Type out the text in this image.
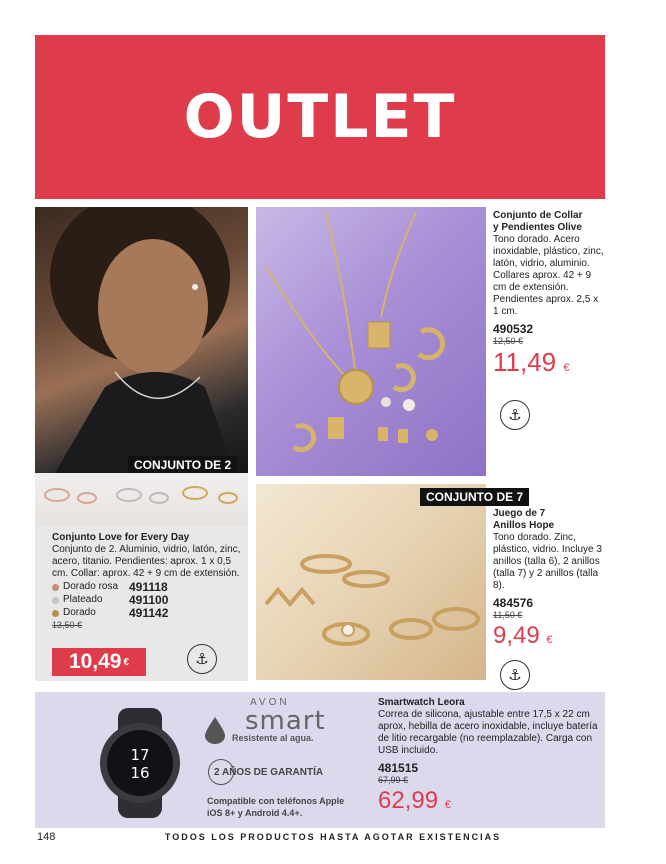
OUTLET
CONJUNTO DE 2
Conjunto de Collar
y Pendientes Olive
Tono dorado. Acero inoxidable, plástico, zinc, latón, vidrio, aluminio. Collares aprox. 42 + 9 cm de extensión. Pendientes aprox. 2,5 x 1 cm.
490532
12,50 €
11,49 €
⚓
Conjunto Love for Every Day
Conjunto de 2. Aluminio, vidrio, latón, zinc, acero, titanio. Pendientes: aprox. 1 x 0,5 cm. Collar: aprox. 42 + 9 cm de extensión.
Dorado rosa 491118
Plateado	491100
Dorado	491142
13,50 €
10,49 €	⚓
CONJUNTO DE 7
Juego de 7
Anillos Hope
Tono dorado. Zinc, plástico, vidrio. Incluye 3 anillos (talla 6), 2 anillos (talla 7) y 2 anillos (talla 8).
484576
11,50 €
9,49 €
⚓
17
16
AVON
smart
Resistente al agua.
2 AÑOS DE GARANTÍA
Compatible con teléfonos Apple iOS 8+ y Android 4.4+.
Smartwatch Leora
Correa de silicona, ajustable entre 17,5 x 22 cm aprox, hebilla de acero inoxidable, incluye batería de litio recargable (no reemplazable). Carga con USB incluido.
481515
67,99 €
62,99 €
TODOS LOS PRODUCTOS HASTA AGOTAR EXISTENCIAS
148
